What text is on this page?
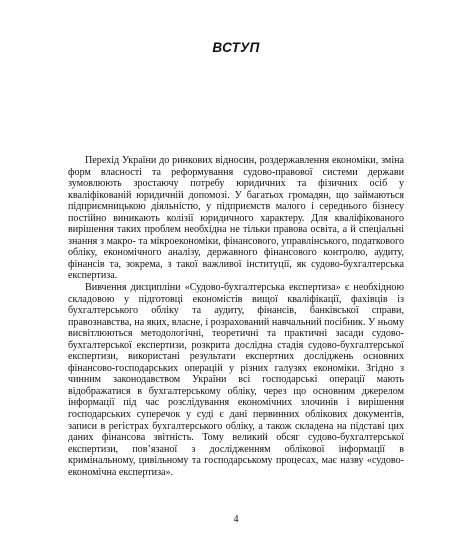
ВСТУП

Перехід України до ринкових відносин, роздержавлення економіки, зміна форм власності та реформування судово-правової системи держави зумовлюють зростаючу потребу юридичних та фізичних осіб у кваліфікованій юридичній допомозі. У багатьох громадян, що займаються підприємницькою діяльністю, у підприємств малого і середнього бізнесу постійно виникають колізії юридичного характеру. Для кваліфікованого вирішення таких проблем необхідна не тільки правова освіта, а й спеціальні знання з макро- та мікроекономіки, фінансового, управлінського, податкового обліку, економічного аналізу, державного фінансового контролю, аудиту, фінансів та, зокрема, з такої важливої інституції, як судово-бухгалтерська експертиза.

Вивчення дисципліни «Судово-бухгалтерська експертиза» є необхідною складовою у підготовці економістів вищої кваліфікації, фахівців із бухгалтерського обліку та аудиту, фінансів, банківської справи, правознавства, на яких, власне, і розрахований навчальний посібник. У ньому висвітлюються методологічні, теоретичні та практичні засади судово-бухгалтерської експертизи, розкрита дослідна стадія судово-бухгалтерської експертизи, використані результати експертних досліджень основних фінансово-господарських операцій у різних галузях економіки. Згідно з чинним законодавством України всі господарські операції мають відображатися в бухгалтерському обліку, через що основним джерелом інформації під час розслідування економічних злочинів і вирішення господарських суперечок у суді є дані первинних облікових документів, записи в регістрах бухгалтерського обліку, а також складена на підставі цих даних фінансова звітність. Тому великий обсяг судово-бухгалтерської експертизи, пов’язаної з дослідженням облікової інформації в кримінальному, цивільному та господарському процесах, має назву «судово-економічна експертиза».

4
